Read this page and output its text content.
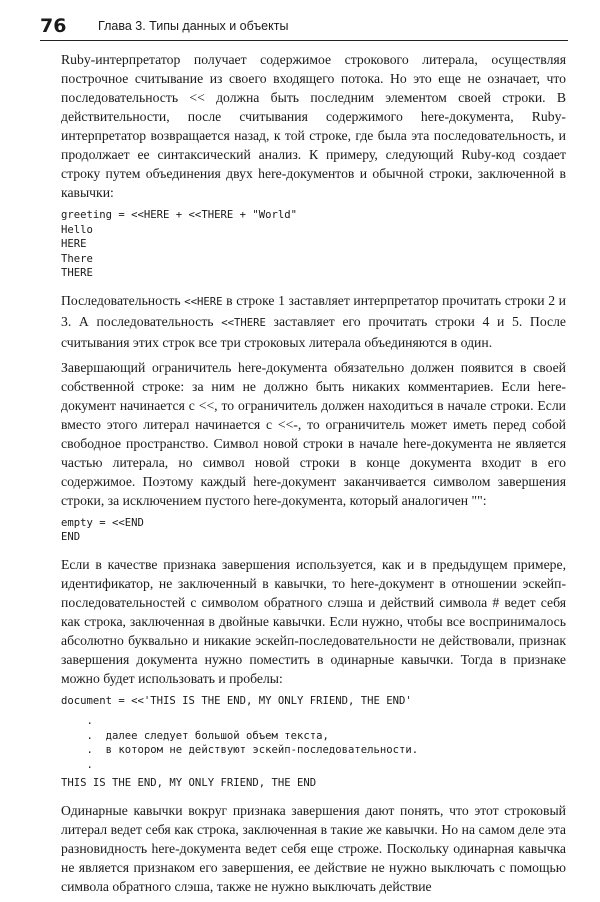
76	Глава 3. Типы данных и объекты

Ruby-интерпретатор получает содержимое строкового литерала, осуществляя построчное считывание из своего входящего потока. Но это еще не означает, что последовательность << должна быть последним элементом своей строки. В действительности, после считывания содержимого here-документа, Ruby-интерпретатор возвращается назад, к той строке, где была эта последовательность, и продолжает ее синтаксический анализ. К примеру, следующий Ruby-код создает строку путем объединения двух here-документов и обычной строки, заключенной в кавычки:

greeting = <<HERE + <<THERE + "World"
Hello
HERE
There
THERE

Последовательность <<HERE в строке 1 заставляет интерпретатор прочитать строки 2 и 3. А последовательность <<THERE заставляет его прочитать строки 4 и 5. После считывания этих строк все три строковых литерала объединяются в один.

Завершающий ограничитель here-документа обязательно должен появится в своей собственной строке: за ним не должно быть никаких комментариев. Если here-документ начинается с <<, то ограничитель должен находиться в начале строки. Если вместо этого литерал начинается с <<-, то ограничитель может иметь перед собой свободное пространство. Символ новой строки в начале here-документа не является частью литерала, но символ новой строки в конце документа входит в его содержимое. Поэтому каждый here-документ заканчивается символом завершения строки, за исключением пустого here-документа, который аналогичен "":

empty = <<END
END

Если в качестве признака завершения используется, как и в предыдущем примере, идентификатор, не заключенный в кавычки, то here-документ в отношении эскейп-последовательностей с символом обратного слэша и действий символа # ведет себя как строка, заключенная в двойные кавычки. Если нужно, чтобы все воспринималось абсолютно буквально и никакие эскейп-последовательности не действовали, признак завершения документа нужно поместить в одинарные кавычки. Тогда в признаке можно будет использовать и пробелы:

document = <<'THIS IS THE END, MY ONLY FRIEND, THE END'
.
.  далее следует большой объем текста,
.  в котором не действуют эскейп-последовательности.
.
THIS IS THE END, MY ONLY FRIEND, THE END

Одинарные кавычки вокруг признака завершения дают понять, что этот строковый литерал ведет себя как строка, заключенная в такие же кавычки. Но на самом деле эта разновидность here-документа ведет себя еще строже. Поскольку одинарная кавычка не является признаком его завершения, ее действие не нужно выключать с помощью символа обратного слэша, также не нужно выключать действие
